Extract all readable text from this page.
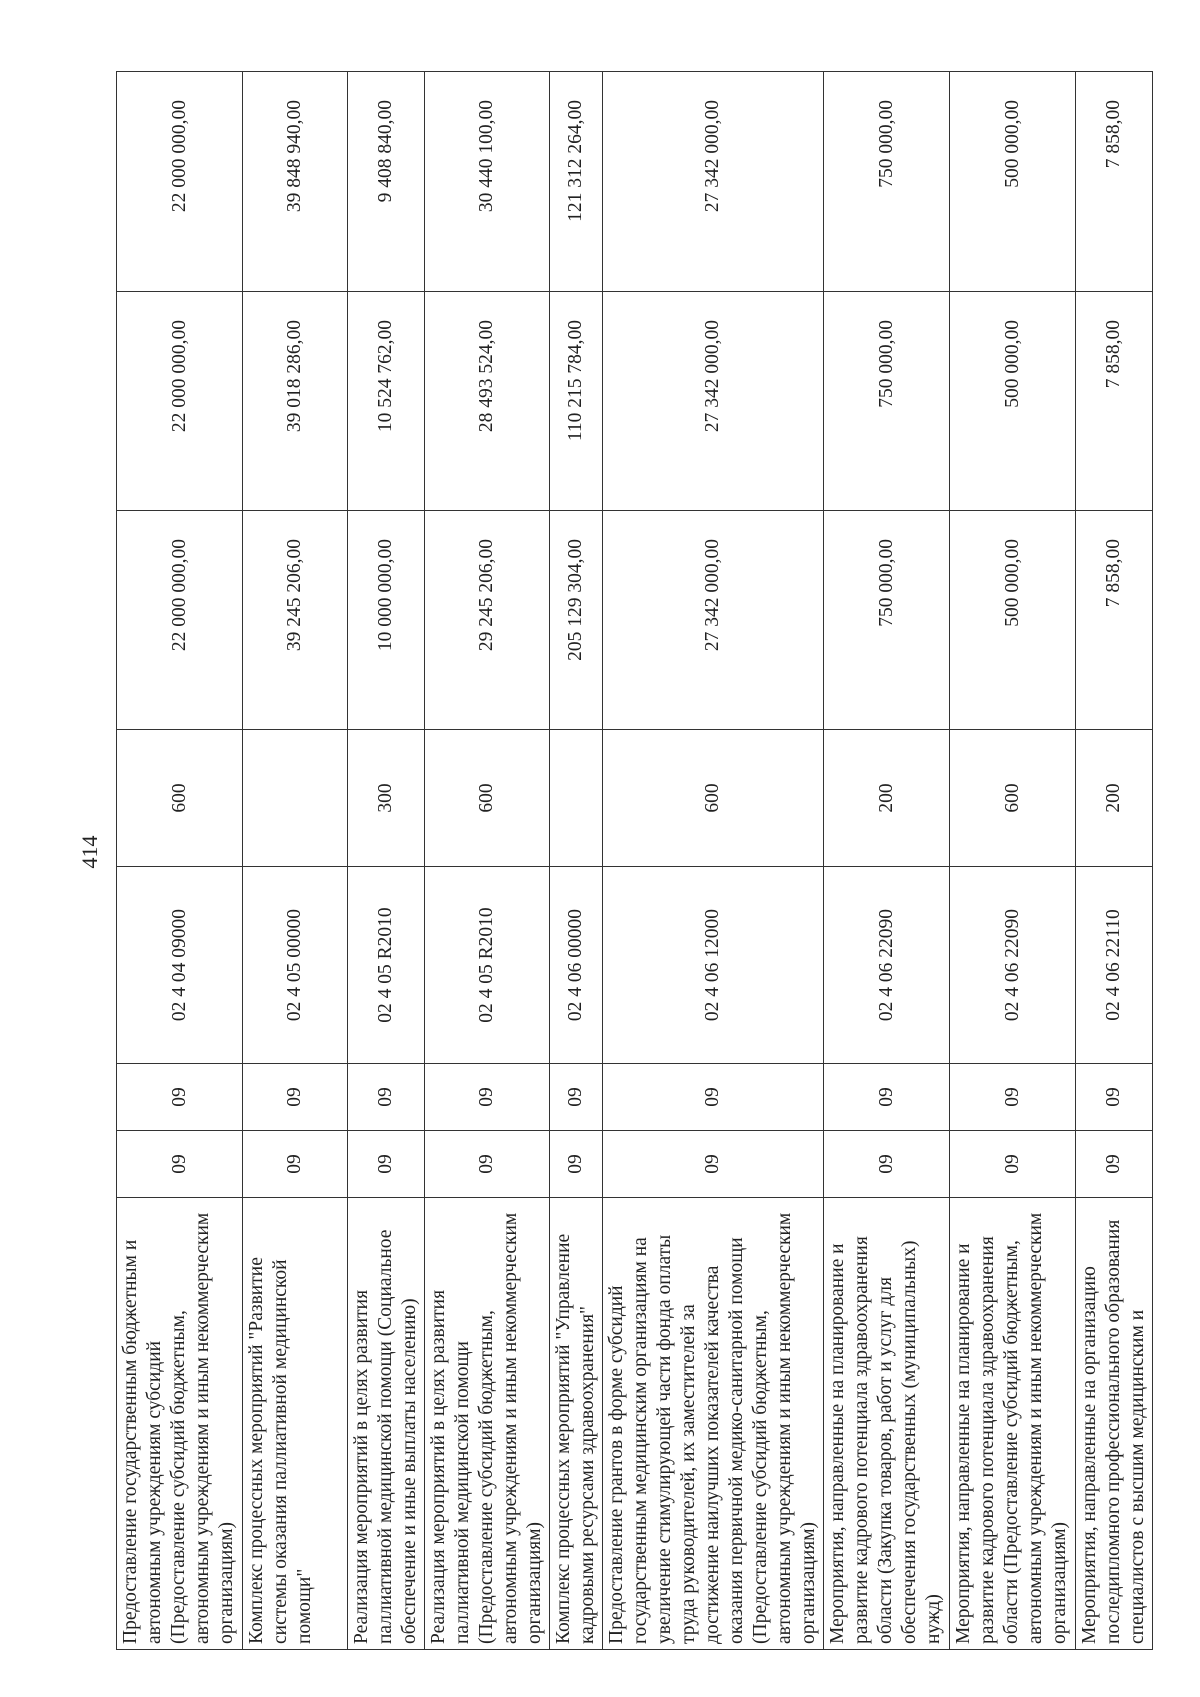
414
Предоставление государственным бюджетным и автономным учреждениям субсидий (Предоставление субсидий бюджетным, автономным учреждениям и иным некоммерческим организациям)	09	09	02 4 04 09000	600	22 000 000,00	22 000 000,00	22 000 000,00
Комплекс процессных мероприятий "Развитие системы оказания паллиативной медицинской помощи"	09	09	02 4 05 00000		39 245 206,00	39 018 286,00	39 848 940,00
Реализация мероприятий в целях развития паллиативной медицинской помощи (Социальное обеспечение и иные выплаты населению)	09	09	02 4 05 R2010	300	10 000 000,00	10 524 762,00	9 408 840,00
Реализация мероприятий в целях развития паллиативной медицинской помощи (Предоставление субсидий бюджетным, автономным учреждениям и иным некоммерческим организациям)	09	09	02 4 05 R2010	600	29 245 206,00	28 493 524,00	30 440 100,00
Комплекс процессных мероприятий "Управление кадровыми ресурсами здравоохранения"	09	09	02 4 06 00000		205 129 304,00	110 215 784,00	121 312 264,00
Предоставление грантов в форме субсидий государственным медицинским организациям на увеличение стимулирующей части фонда оплаты труда руководителей, их заместителей за достижение наилучших показателей качества оказания первичной медико-санитарной помощи (Предоставление субсидий бюджетным, автономным учреждениям и иным некоммерческим организациям)	09	09	02 4 06 12000	600	27 342 000,00	27 342 000,00	27 342 000,00
Мероприятия, направленные на планирование и развитие кадрового потенциала здравоохранения области (Закупка товаров, работ и услуг для обеспечения государственных (муниципальных) нужд)	09	09	02 4 06 22090	200	750 000,00	750 000,00	750 000,00
Мероприятия, направленные на планирование и развитие кадрового потенциала здравоохранения области (Предоставление субсидий бюджетным, автономным учреждениям и иным некоммерческим организациям)	09	09	02 4 06 22090	600	500 000,00	500 000,00	500 000,00
Мероприятия, направленные на организацию последипломного профессионального образования специалистов с высшим медицинским и	09	09	02 4 06 22110	200	7 858,00	7 858,00	7 858,00
